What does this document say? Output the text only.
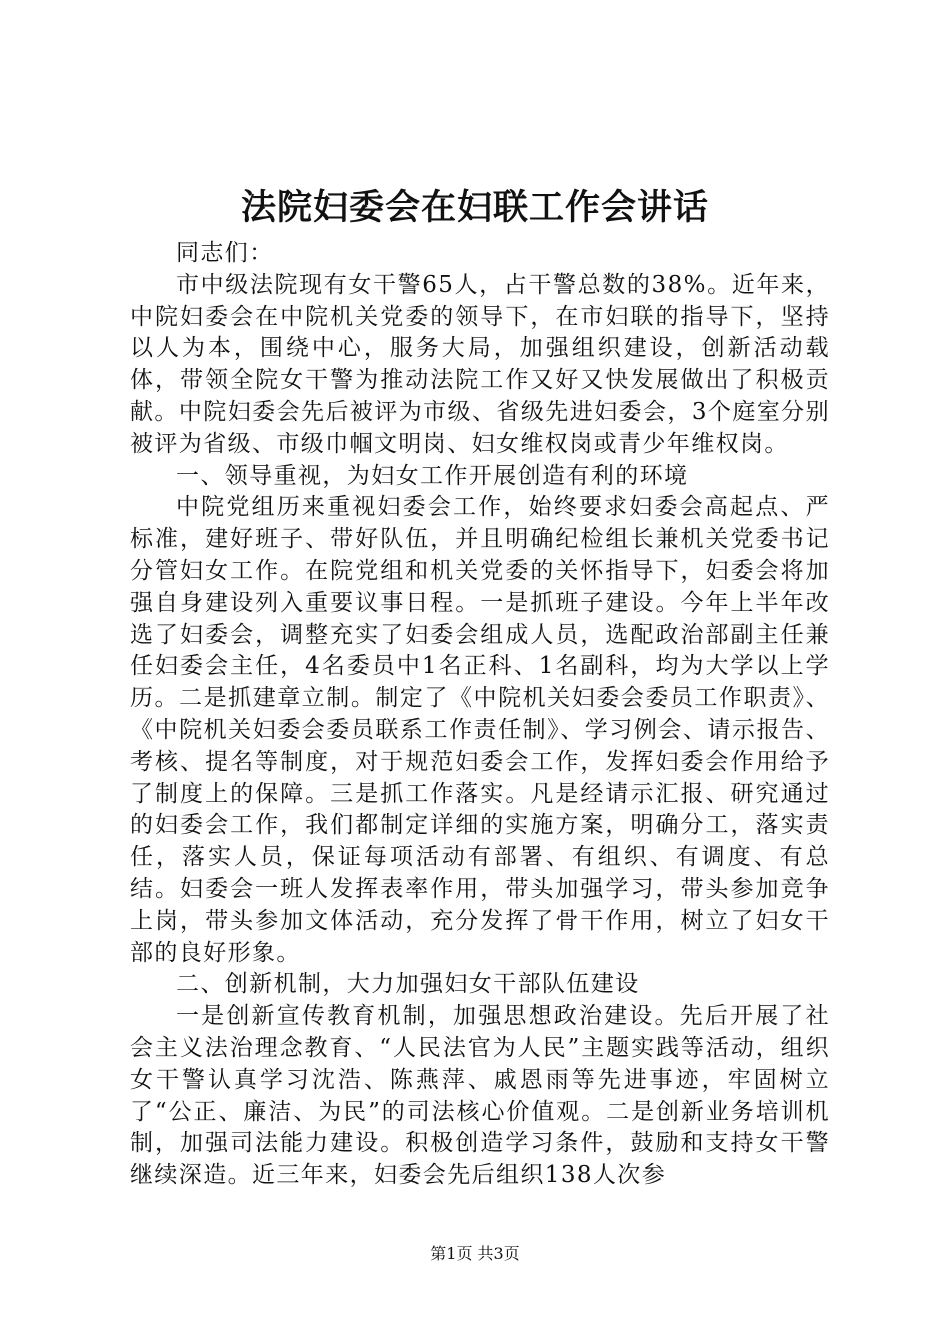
法院妇委会在妇联工作会讲话

同志们：

市中级法院现有女干警65人，占干警总数的38%。近年来，中院妇委会在中院机关党委的领导下，在市妇联的指导下，坚持以人为本，围绕中心，服务大局，加强组织建设，创新活动载体，带领全院女干警为推动法院工作又好又快发展做出了积极贡献。中院妇委会先后被评为市级、省级先进妇委会，3个庭室分别被评为省级、市级巾帼文明岗、妇女维权岗或青少年维权岗。

一、领导重视，为妇女工作开展创造有利的环境

中院党组历来重视妇委会工作，始终要求妇委会高起点、严标准，建好班子、带好队伍，并且明确纪检组长兼机关党委书记分管妇女工作。在院党组和机关党委的关怀指导下，妇委会将加强自身建设列入重要议事日程。一是抓班子建设。今年上半年改选了妇委会，调整充实了妇委会组成人员，选配政治部副主任兼任妇委会主任，4名委员中1名正科、1名副科，均为大学以上学历。二是抓建章立制。制定了《中院机关妇委会委员工作职责》、《中院机关妇委会委员联系工作责任制》、学习例会、请示报告、考核、提名等制度，对于规范妇委会工作，发挥妇委会作用给予了制度上的保障。三是抓工作落实。凡是经请示汇报、研究通过的妇委会工作，我们都制定详细的实施方案，明确分工，落实责任，落实人员，保证每项活动有部署、有组织、有调度、有总结。妇委会一班人发挥表率作用，带头加强学习，带头参加竞争上岗，带头参加文体活动，充分发挥了骨干作用，树立了妇女干部的良好形象。

二、创新机制，大力加强妇女干部队伍建设

一是创新宣传教育机制，加强思想政治建设。先后开展了社会主义法治理念教育、“人民法官为人民”主题实践等活动，组织女干警认真学习沈浩、陈燕萍、戚恩雨等先进事迹，牢固树立了“公正、廉洁、为民”的司法核心价值观。二是创新业务培训机制，加强司法能力建设。积极创造学习条件，鼓励和支持女干警继续深造。近三年来，妇委会先后组织138人次参

第1页 共3页
